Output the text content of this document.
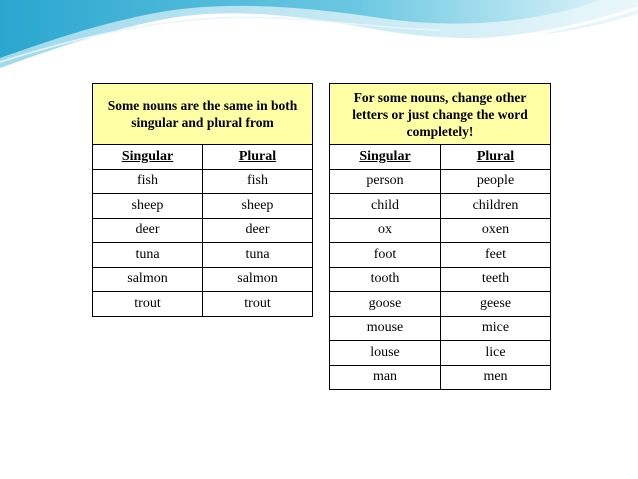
Some nouns are the same in both singular and plural from	
Singular	Plural
fish	fish
sheep	sheep
deer	deer
tuna	tuna
salmon	salmon
trout	trout
For some nouns, change other letters or just change the word completely!	
Singular	Plural
person	people
child	children
ox	oxen
foot	feet
tooth	teeth
goose	geese
mouse	mice
louse	lice
man	men
